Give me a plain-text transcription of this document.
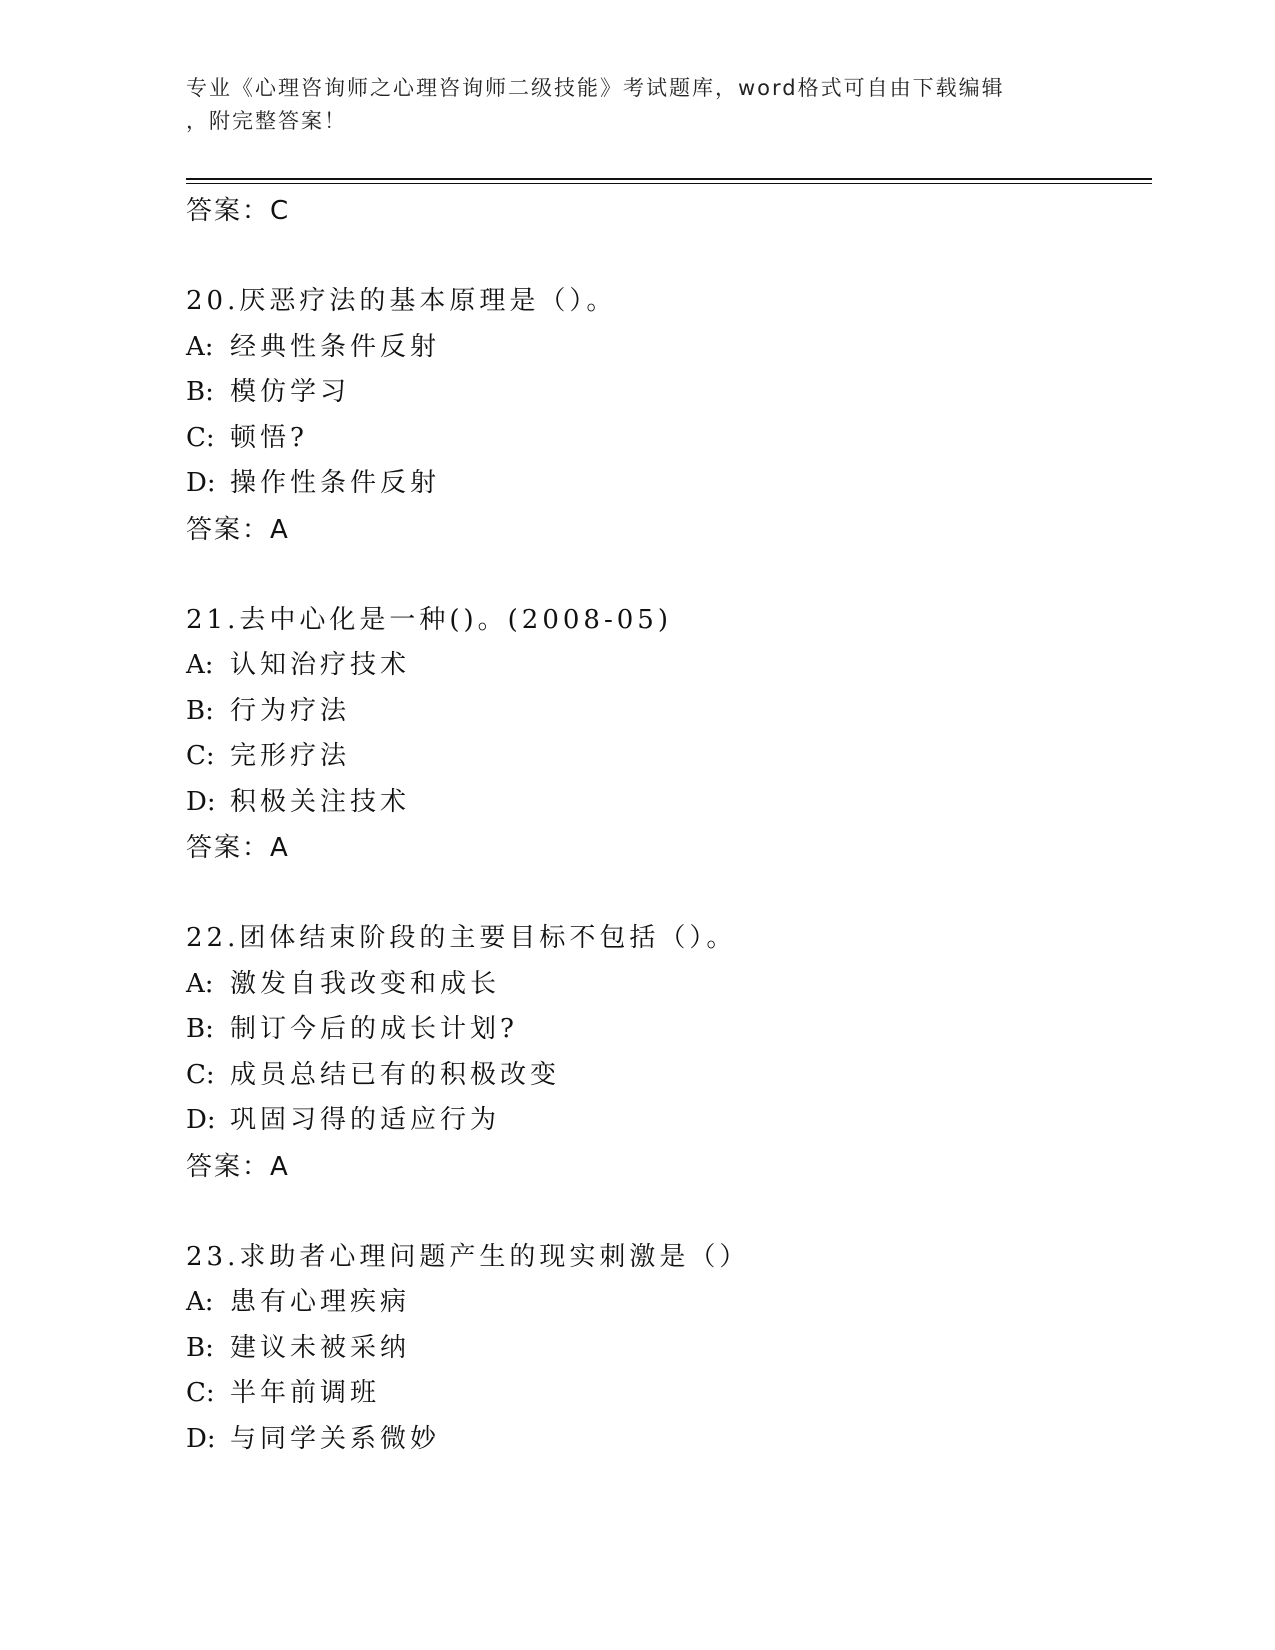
专业《心理咨询师之心理咨询师二级技能》考试题库，word格式可自由下载编辑
，附完整答案！
答案：C
20.厌恶疗法的基本原理是（）。
A: 经典性条件反射
B: 模仿学习
C: 顿悟?
D: 操作性条件反射
答案：A
21.去中心化是一种()。(2008-05)
A: 认知治疗技术
B: 行为疗法
C: 完形疗法
D: 积极关注技术
答案：A
22.团体结束阶段的主要目标不包括（）。
A: 激发自我改变和成长
B: 制订今后的成长计划?
C: 成员总结已有的积极改变
D: 巩固习得的适应行为
答案：A
23.求助者心理问题产生的现实刺激是（）
A: 患有心理疾病
B: 建议未被采纳
C: 半年前调班
D: 与同学关系微妙
